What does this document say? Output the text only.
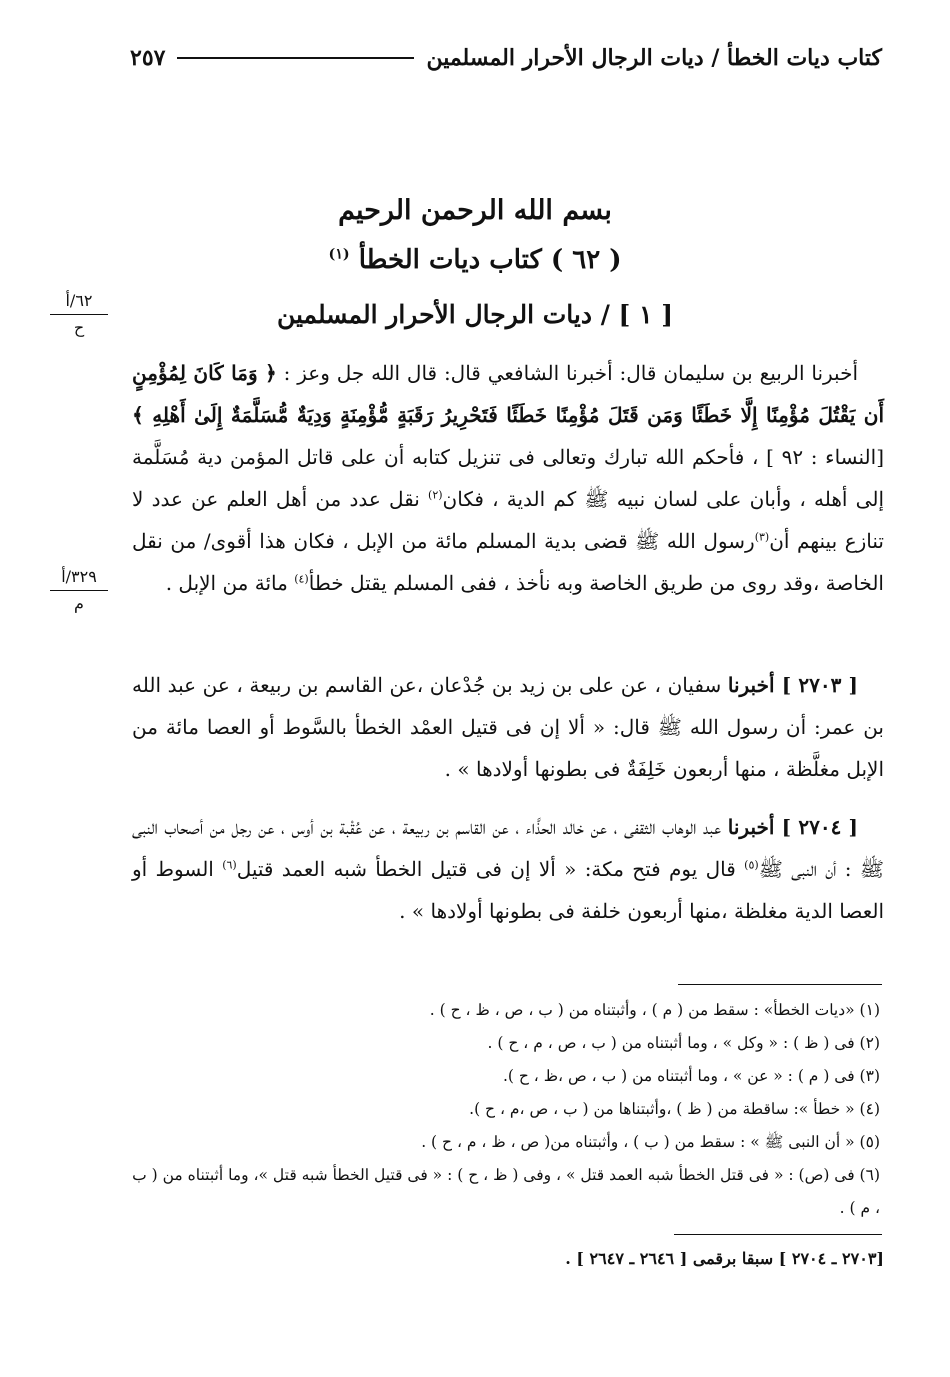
كتاب ديات الخطأ / ديات الرجال الأحرار المسلمين
٢٥٧
بسم الله الرحمن الرحيم
( ٦٢ ) كتاب ديات الخطأ $^{(١)}$
[ ١ ] / ديات الرجال الأحرار المسلمين
٦٢/أ
ح
٣٢٩/أ
م

أخبرنا الربيع بن سليمان قال: أخبرنا الشافعي قال: قال الله جل وعز : ﴿ وَمَا كَانَ لِمُؤْمِنٍ أَن يَقْتُلَ مُؤْمِنًا إِلَّا خَطَئًا وَمَن قَتَلَ مُؤْمِنًا خَطَئًا فَتَحْرِيرُ رَقَبَةٍ مُّؤْمِنَةٍ وَدِيَةٌ مُّسَلَّمَةٌ إِلَىٰ أَهْلِهِ ﴾ [النساء : ٩٢ ] ، فأحكم الله تبارك وتعالى فى تنزيل كتابه أن على قاتل المؤمن دية مُسَلَّمة إلى أهله ، وأبان على لسان نبيه ﷺ كم الدية ، فكان$^{(٢)}$ نقل عدد من أهل العلم عن عدد لا تنازع بينهم أن$^{(٣)}$رسول الله ﷺ قضى بدية المسلم مائة من الإبل ، فكان هذا أقوى/ من نقل الخاصة ،وقد روى من طريق الخاصة وبه نأخذ ، ففى المسلم يقتل خطأ$^{(٤)}$ مائة من الإبل .

[ ٢٧٠٣ ] أخبرنا سفيان ، عن على بن زيد بن جُدْعان ،عن القاسم بن ربيعة ، عن عبد الله بن عمر: أن رسول الله ﷺ قال: « ألا إن فى قتيل العمْد الخطأ بالسَّوط أو العصا مائة من الإبل مغلَّظة ، منها أربعون خَلِفَةٌ فى بطونها أولادها » .

[ ٢٧٠٤ ] أخبرنا عبد الوهاب الثقفى ، عن خالد الحذَّاء ، عن القاسم بن ربيعة ، عن عُقْبة بن أوس ، عن رجل من أصحاب النبى ﷺ : أن النبى ﷺ$^{(٥)}$ قال يوم فتح مكة: « ألا إن فى قتيل الخطأ شبه العمد قتيل$^{(٦)}$ السوط أو العصا الدية مغلظة ،منها أربعون خلفة فى بطونها أولادها » .

(١) «ديات الخطأ» : سقط من ( م ) ، وأثبتناه من ( ب ، ص ، ظ ، ح ) .
(٢) فى ( ظ ) : « وكل » ، وما أثبتناه من ( ب ، ص ، م ، ح ) .
(٣) فى ( م ) : « عن » ، وما أثبتناه من ( ب ، ص ،ظ ، ح ).
(٤) « خطأ »: ساقطة من ( ظ ) ،وأثبتناها من ( ب ، ص ،م ، ح ).
(٥) « أن النبى ﷺ » : سقط من ( ب ) ، وأثبتناه من( ص ، ظ ، م ، ح ) .
(٦) فى (ص) : « فى قتل الخطأ شبه العمد قتل » ، وفى ( ظ ، ح ) : « فى قتيل الخطأ شبه قتل »، وما أثبتناه من ( ب ، م ) .
[٢٧٠٣ ـ ٢٧٠٤ ] سبقا برقمى [ ٢٦٤٦ ـ ٢٦٤٧ ] .
